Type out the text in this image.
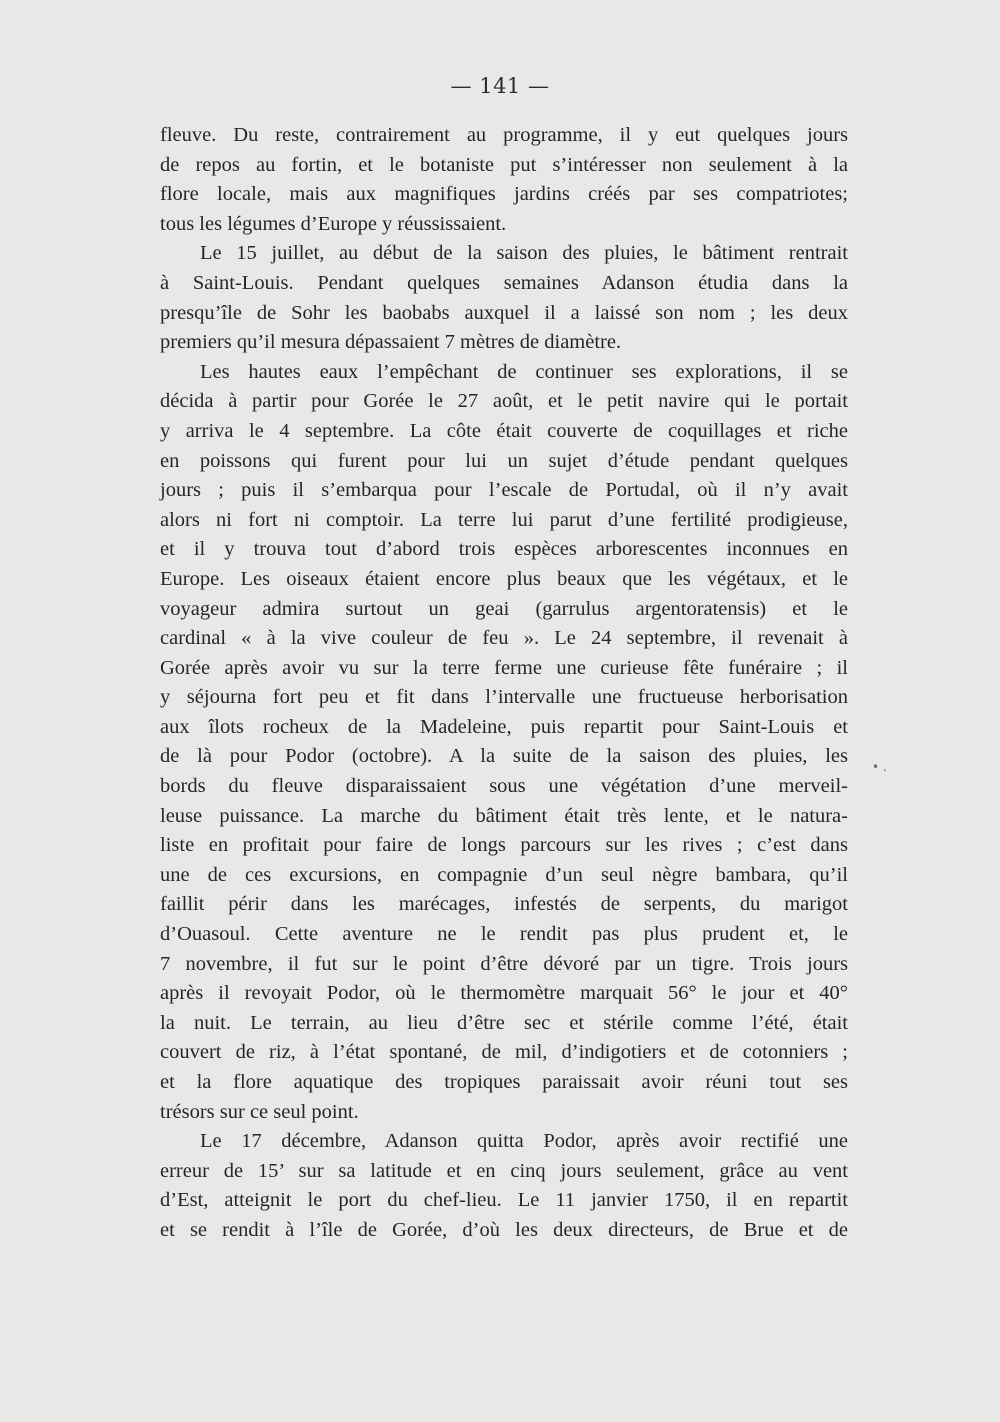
— 141 —
fleuve. Du reste, contrairement au programme, il y eut quelques jours
de repos au fortin, et le botaniste put s’intéresser non seulement à la
flore locale, mais aux magnifiques jardins créés par ses compatriotes;
tous les légumes d’Europe y réussissaient.
Le 15 juillet, au début de la saison des pluies, le bâtiment rentrait
à Saint-Louis. Pendant quelques semaines Adanson étudia dans la
presqu’île de Sohr les baobabs auxquel il a laissé son nom ; les deux
premiers qu’il mesura dépassaient 7 mètres de diamètre.
Les hautes eaux l’empêchant de continuer ses explorations, il se
décida à partir pour Gorée le 27 août, et le petit navire qui le portait
y arriva le 4 septembre. La côte était couverte de coquillages et riche
en poissons qui furent pour lui un sujet d’étude pendant quelques
jours ; puis il s’embarqua pour l’escale de Portudal, où il n’y avait
alors ni fort ni comptoir. La terre lui parut d’une fertilité prodigieuse,
et il y trouva tout d’abord trois espèces arborescentes inconnues en
Europe. Les oiseaux étaient encore plus beaux que les végétaux, et le
voyageur admira surtout un geai (garrulus argentoratensis) et le
cardinal « à la vive couleur de feu ». Le 24 septembre, il revenait à
Gorée après avoir vu sur la terre ferme une curieuse fête funéraire ; il
y séjourna fort peu et fit dans l’intervalle une fructueuse herborisation
aux îlots rocheux de la Madeleine, puis repartit pour Saint-Louis et
de là pour Podor (octobre). A la suite de la saison des pluies, les
bords du fleuve disparaissaient sous une végétation d’une merveil-
leuse puissance. La marche du bâtiment était très lente, et le natura-
liste en profitait pour faire de longs parcours sur les rives ; c’est dans
une de ces excursions, en compagnie d’un seul nègre bambara, qu’il
faillit périr dans les marécages, infestés de serpents, du marigot
d’Ouasoul. Cette aventure ne le rendit pas plus prudent et, le
7 novembre, il fut sur le point d’être dévoré par un tigre. Trois jours
après il revoyait Podor, où le thermomètre marquait 56° le jour et 40°
la nuit. Le terrain, au lieu d’être sec et stérile comme l’été, était
couvert de riz, à l’état spontané, de mil, d’indigotiers et de cotonniers ;
et la flore aquatique des tropiques paraissait avoir réuni tout ses
trésors sur ce seul point.
Le 17 décembre, Adanson quitta Podor, après avoir rectifié une
erreur de 15’ sur sa latitude et en cinq jours seulement, grâce au vent
d’Est, atteignit le port du chef-lieu. Le 11 janvier 1750, il en repartit
et se rendit à l’île de Gorée, d’où les deux directeurs, de Brue et de
• .
